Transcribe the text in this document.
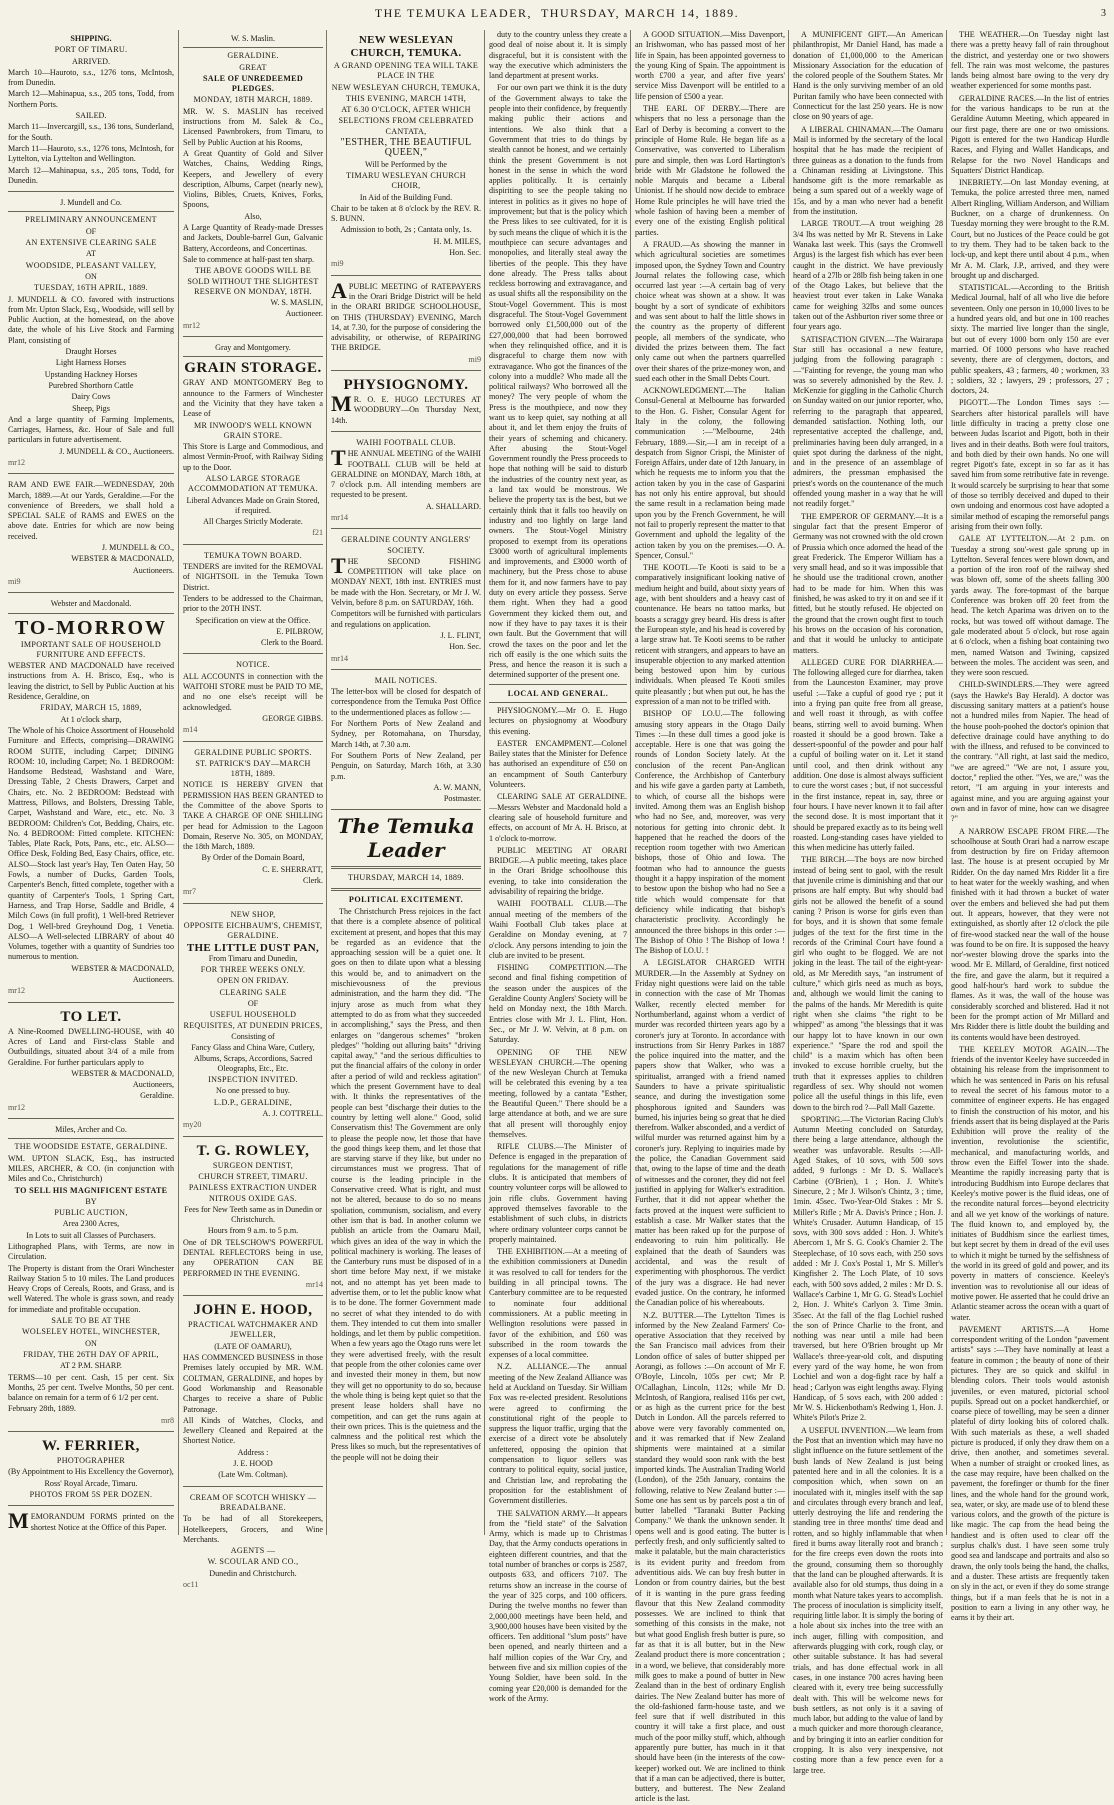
THE TEMUKA LEADER,  THURSDAY, MARCH 14, 1889.

SHIPPING.

PORT OF TIMARU.

ARRIVED.

March 10—Hauroto, s.s., 1276 tons, McIntosh, from Dunedin.

March 12—Mahinapua, s.s., 205 tons, Todd, from Northern Ports.

SAILED.

March 11—Invercargill, s.s., 136 tons, Sunderland, for the South.

March 11—Hauroto, s.s., 1276 tons, McIntosh, for Lyttelton, via Lyttelton and Wellington.

March 12—Mahinapua, s.s., 205 tons, Todd, for Dunedin.

J. Mundell and Co.

PRELIMINARY ANNOUNCEMENT

OF

AN EXTENSIVE CLEARING SALE

AT

WOODSIDE, PLEASANT VALLEY,

ON

TUESDAY, 16TH APRIL, 1889.

J. MUNDELL & CO. favored with instructions from Mr. Upton Slack, Esq., Woodside, will sell by Public Auction, at the homestead, on the above date, the whole of his Live Stock and Farming Plant, consisting of

Draught Horses

Light Harness Horses

Upstanding Hackney Horses

Purebred Shorthorn Cattle

Dairy Cows

Sheep, Pigs

And a large quantity of Farming Implements, Carriages, Harness, &c. Hour of Sale and full particulars in future advertisement.

J. MUNDELL & CO., Auctioneers.

mr12

RAM AND EWE FAIR.—WEDNESDAY, 20th March, 1889.—At our Yards, Geraldine.—For the convenience of Breeders, we shall hold a SPECIAL SALE of RAMS and EWES on the above date. Entries for which are now being received.

J. MUNDELL & CO.,

WEBSTER & MACDONALD,

Auctioneers.

mi9

Webster and Macdonald.

TO-MORROW

IMPORTANT SALE OF HOUSEHOLD FURNITURE AND EFFECTS.

WEBSTER AND MACDONALD have received instructions from A. H. Brisco, Esq., who is leaving the district, to Sell by Public Auction at his Residence, Geraldine, on

FRIDAY, MARCH 15, 1889,

At 1 o'clock sharp,

The Whole of his Choice Assortment of Household Furniture and Effects, comprising—DRAWING ROOM SUITE, including Carpet; DINING ROOM: 10, including Carpet; No. 1 BEDROOM: Handsome Bedstead, Washstand and Ware, Dressing Table, 2 Chests Drawers, Carpet and Chairs, etc. No. 2 BEDROOM: Bedstead with Mattress, Pillows, and Bolsters, Dressing Table, Carpet, Washstand and Ware, etc., etc. No. 3 BEDROOM: Children's Cot, Bedding, Chairs, etc. No. 4 BEDROOM: Fitted complete. KITCHEN: Tables, Plate Rack, Pots, Pans, etc., etc. ALSO—Office Desk, Folding Bed, Easy Chairs, office, etc. ALSO—Stock last year's Hay, Ten Oaten Hay, 50 Fowls, a number of Ducks, Garden Tools, Carpenter's Bench, fitted complete, together with a quantity of Carpenter's Tools, 1 Spring Cart, Harness, and Trap Horse, Saddle and Bridle, 4 Milch Cows (in full profit), 1 Well-bred Retriever Dog, 1 Well-bred Greyhound Dog, 1 Venetia. ALSO—A Well-selected LIBRARY of about 40 Volumes, together with a quantity of Sundries too numerous to mention.

WEBSTER & MACDONALD,

Auctioneers.

mr12

TO LET.

A Nine-Roomed DWELLING-HOUSE, with 40 Acres of Land and First-class Stable and Outbuildings, situated about 3/4 of a mile from Geraldine. For further particulars apply to

WEBSTER & MACDONALD,

Auctioneers,

Geraldine.

mr12

Miles, Archer and Co.

THE WOODSIDE ESTATE, GERALDINE.

WM. UPTON SLACK, Esq., has instructed MILES, ARCHER, & CO. (in conjunction with Miles and Co., Christchurch)

TO SELL HIS MAGNIFICENT ESTATE

BY

PUBLIC AUCTION,

Area 2300 Acres,

In Lots to suit all Classes of Purchasers.

Lithographed Plans, with Terms, are now in Circulation.

The Property is distant from the Orari Winchester Railway Station 5 to 10 miles. The Land produces Heavy Crops of Cereals, Roots, and Grass, and is well Watered. The whole is grass sown, and ready for immediate and profitable occupation.

SALE TO BE AT THE

WOLSELEY HOTEL, WINCHESTER,

ON

FRIDAY, THE 26TH DAY OF APRIL,

AT 2 P.M. SHARP.

TERMS—10 per cent. Cash, 15 per cent. Six Months, 25 per cent. Twelve Months, 50 per cent. balance on remain for a term of 6 1/2 per cent.

February 28th, 1889.

mr8

W. FERRIER,

PHOTOGRAPHER

(By Appointment to His Excellency the Governor),

Ross' Royal Arcade, Timaru.

PHOTOS FROM 5S PER DOZEN.

MEMORANDUM FORMS printed on the shortest Notice at the Office of this Paper.

W. S. Maslin.

GERALDINE.

GREAT

SALE OF UNREDEEMED PLEDGES.

MONDAY, 18TH MARCH, 1889.

MR. W. S. MASLIN has received instructions from M. Salek & Co., Licensed Pawnbrokers, from Timaru, to Sell by Public Auction at his Rooms,

A Great Quantity of Gold and Silver Watches, Chains, Wedding Rings, Keepers, and Jewellery of every description, Albums, Carpet (nearly new), Violins, Bibles, Cruets, Knives, Forks, Spoons,

Also,

A Large Quantity of Ready-made Dresses and Jackets, Double-barrel Gun, Galvanic Battery, Accordeons, and Concertinas.

Sale to commence at half-past ten sharp.

THE ABOVE GOODS WILL BE SOLD WITHOUT THE SLIGHTEST RESERVE ON MONDAY, 18TH.

W. S. MASLIN,

Auctioneer.

mr12

Gray and Montgomery.

GRAIN STORAGE.

GRAY AND MONTGOMERY Beg to announce to the Farmers of Winchester and the Vicinity that they have taken a Lease of

MR INWOOD'S WELL KNOWN GRAIN STORE.

This Store is Large and Commodious, and almost Vermin-Proof, with Railway Siding up to the Door.

ALSO LARGE STORAGE ACCOMMODATION AT TEMUKA.

Liberal Advances Made on Grain Stored, if required.

All Charges Strictly Moderate.

f21

TEMUKA TOWN BOARD.

TENDERS are invited for the REMOVAL of NIGHTSOIL in the Temuka Town District.

Tenders to be addressed to the Chairman, prior to the 20TH INST.

Specification on view at the Office.

E. PILBROW,

Clerk to the Board.

NOTICE.

ALL ACCOUNTS in connection with the WAITOHI STORE must be PAID TO ME, and no one else's receipt will be acknowledged.

GEORGE GIBBS.

m14

GERALDINE PUBLIC SPORTS.

ST. PATRICK'S DAY—MARCH 18TH, 1889.

NOTICE IS HEREBY GIVEN that PERMISSION HAS BEEN GRANTED to the Committee of the above Sports to TAKE A CHARGE OF ONE SHILLING per head for Admission to the Lagoon Domain, Reserve No. 305, on MONDAY, the 18th March, 1889.

By Order of the Domain Board,

C. E. SHERRATT,

Clerk.

mr7

NEW SHOP,

OPPOSITE EICHBAUM'S, CHEMIST, GERALDINE.

THE LITTLE DUST PAN,

From Timaru and Dunedin,

FOR THREE WEEKS ONLY.

OPEN ON FRIDAY.

CLEARING SALE

OF

USEFUL HOUSEHOLD REQUISITES, AT DUNEDIN PRICES,

Consisting of

Fancy Glass and China Ware, Cutlery, Albums, Scraps, Accordions, Sacred Oleographs, Etc., Etc.

INSPECTION INVITED.

No one pressed to buy.

L.D.P., GERALDINE,

A. J. COTTRELL.

my20

T. G. ROWLEY,

SURGEON DENTIST,

CHURCH STREET, TIMARU.

PAINLESS EXTRACTION UNDER NITROUS OXIDE GAS.

Fees for New Teeth same as in Dunedin or Christchurch.

Hours from 9 a.m. to 5 p.m.

One of DR TELSCHOW'S POWERFUL DENTAL REFLECTORS being in use, any OPERATION CAN BE PERFORMED IN THE EVENING.

mr14

JOHN E. HOOD,

PRACTICAL WATCHMAKER AND JEWELLER,

(LATE OF OAMARU),

HAS COMMENCED BUSINESS in those Premises lately occupied by MR. W.M. COLTMAN, GERALDINE, and hopes by Good Workmanship and Reasonable Charges to receive a share of Public Patronage.

All Kinds of Watches, Clocks, and Jewellery Cleaned and Repaired at the Shortest Notice.

Address :

J. E. HOOD

(Late Wm. Coltman).

CREAM OF SCOTCH WHISKY — BREADALBANE.

To be had of all Storekeepers, Hotelkeepers, Grocers, and Wine Merchants.

AGENTS —

W. SCOULAR AND CO.,

Dunedin and Christchurch.

oc11

NEW WESLEYAN CHURCH, TEMUKA.

A GRAND OPENING TEA WILL TAKE PLACE IN THE

NEW WESLEYAN CHURCH, TEMUKA,

THIS EVENING, MARCH 14TH,

AT 6.30 O'CLOCK, AFTER WHICH

SELECTIONS FROM CELEBRATED CANTATA,

"ESTHER, THE BEAUTIFUL QUEEN,"

Will be Performed by the

TIMARU WESLEYAN CHURCH CHOIR,

In Aid of the Building Fund.

Chair to be taken at 8 o'clock by the REV. R. S. BUNN.

Admission to both, 2s ; Cantata only, 1s.

H. M. MILES,

Hon. Sec.

mi9

APUBLIC MEETING of RATEPAYERS in the Orari Bridge District will be held in the ORARI BRIDGE SCHOOLHOUSE, on THIS (THURSDAY) EVENING, March 14, at 7.30, for the purpose of considering the advisability, or otherwise, of REPAIRING THE BRIDGE.

mi9

PHYSIOGNOMY.

MR. O. E. HUGO LECTURES AT WOODBURY—On Thursday Next, 14th.

WAIHI FOOTBALL CLUB.

THE ANNUAL MEETING of the WAIHI FOOTBALL CLUB will be held at GERALDINE on MONDAY, March 18th, at 7 o'clock p.m. All intending members are requested to be present.

A. SHALLARD.

mr14

GERALDINE COUNTY ANGLERS' SOCIETY.

THE SECOND FISHING COMPETITION will take place on MONDAY NEXT, 18th inst. ENTRIES must be made with the Hon. Secretary, or Mr J. W. Velvin, before 8 p.m. on SATURDAY, 16th.

Competitors will be furnished with particulars and regulations on application.

J. L. FLINT,

Hon. Sec.

mr14

MAIL NOTICES.

The letter-box will be closed for despatch of correspondence from the Temuka Post Office to the undermentioned places as follow :—

For Northern Ports of New Zealand and Sydney, per Rotomahana, on Thursday, March 14th, at 7.30 a.m.

For Southern Ports of New Zealand, per Penguin, on Saturday, March 16th, at 3.30 p.m.

A. W. MANN,

Postmaster.

The Temuka Leader

THURSDAY, MARCH 14, 1889.

POLITICAL EXCITEMENT.

The Christchurch Press rejoices in the fact that there is a complete absence of political excitement at present, and hopes that this may be regarded as an evidence that the approaching session will be a quiet one. It goes on then to dilate upon what a blessing this would be, and to animadvert on the mischievousness of the previous administration, and the harm they did. "The injury arose as much from what they attempted to do as from what they succeeded in accomplishing," says the Press, and then enlarges on "dangerous schemes" "broken pledges" "holding out alluring baits" "driving capital away," "and the serious difficulties to put the financial affairs of the colony in order after a period of wild and reckless agitation" which the present Government have to deal with. It thinks the representatives of the people can best "discharge their duties to the country by letting well alone." Good, solid Conservatism this! The Government are only to please the people now, let those that have the good things keep them, and let those that are starving starve if they like, but under no circumstances must we progress. That of course is the leading principle in the Conservative creed. What is right, and must not be altered, because to do so no means spoliation, communism, socialism, and every other ism that is bad. In another column we publish an article from the Oamaru Mail, which gives an idea of the way in which the political machinery is working. The leases of the Canterbury runs must be disposed of in a short time before May next, if we mistake not, and no attempt has yet been made to advertise them, or to let the public know what is to be done. The former Government made no secret of what they intended to do with them. They intended to cut them into smaller holdings, and let them by public competition. When a few years ago the Otago runs were let they were advertised freely, with the result that people from the other colonies came over and invested their money in them, but now they will get no opportunity to do so, because the whole thing is being kept quiet so that the present lease holders shall have no competition, and can get the runs again at their own prices. This is the quietness and the calmness and the political rest which the Press likes so much, but the representatives of the people will not be doing their

duty to the country unless they create a good deal of noise about it. It is simply disgraceful, but it is consistent with the way the executive which administers the land department at present works.

For our own part we think it is the duty of the Government always to take the people into their confidence, by frequently making public their actions and intentions. We also think that a Government that tries to do things by stealth cannot be honest, and we certainly think the present Government is not honest in the sense in which the word applies politically. It is certainly dispiriting to see the people taking no interest in politics as it gives no hope of improvement; but that is the policy which the Press likes to see cultivated, for it is by such means the clique of which it is the mouthpiece can secure advantages and monopolies, and literally steal away the liberties of the people. This they have done already. The Press talks about reckless borrowing and extravagance, and as usual shifts all the responsibility on the Stout-Vogel Government. This is most disgraceful. The Stout-Vogel Government borrowed only £1,500,000 out of the £27,000,000 that had been borrowed when they relinquished office, and it is disgraceful to charge them now with extravagance. Who got the finances of the colony into a muddle? Who made all the political railways? Who borrowed all the money? The very people of whom the Press is the mouthpiece, and now they want us to keep quiet, say nothing at all about it, and let them enjoy the fruits of their years of scheming and chicanery. After abusing the Stout-Vogel Government roundly the Press proceeds to hope that nothing will be said to disturb the industries of the country next year, as a land tax would be monstrous. We believe the property tax is the best, but we certainly think that it falls too heavily on industry and too lightly on large land owners. The Stout-Vogel Ministry proposed to exempt from its operations £3000 worth of agricultural implements and improvements, and £3000 worth of machinery, but the Press chose to abuse them for it, and now farmers have to pay duty on every article they possess. Serve them right. When they had a good Government they kicked them out, and now if they have to pay taxes it is their own fault. But the Government that will crowd the taxes on the poor and let the rich off easily is the one which suits the Press, and hence the reason it is such a determined supporter of the present one.

LOCAL AND GENERAL.

PHYSIOGNOMY.—Mr O. E. Hugo lectures on physiognomy at Woodbury this evening.

EASTER ENCAMPMENT.—Colonel Bailey states that the Minister for Defence has authorised an expenditure of £50 on an encampment of South Canterbury Volunteers.

CLEARING SALE AT GERALDINE.—Messrs Webster and Macdonald hold a clearing sale of household furniture and effects, on account of Mr A. H. Brisco, at 1 o'clock to-morrow.

PUBLIC MEETING AT ORARI BRIDGE.—A public meeting, takes place in the Orari Bridge schoolhouse this evening, to take into consideration the advisability of repairing the bridge.

WAIHI FOOTBALL CLUB.—The annual meeting of the members of the Waihi Football Club takes place at Geraldine on Monday evening, at 7 o'clock. Any persons intending to join the club are invited to be present.

FISHING COMPETITION.—The second and final fishing competition of the season under the auspices of the Geraldine County Anglers' Society will be held on Monday next, the 18th March. Entries close with Mr J. L. Flint, Hon. Sec., or Mr J. W. Velvin, at 8 p.m. on Saturday.

OPENING OF THE NEW WESLEYAN CHURCH.—The opening of the new Wesleyan Church at Temuka will be celebrated this evening by a tea meeting, followed by a cantata "Esther, the Beautiful Queen." There should be a large attendance at both, and we are sure that all present will thoroughly enjoy themselves.

RIFLE CLUBS.—The Minister of Defence is engaged in the preparation of regulations for the management of rifle clubs. It is anticipated that members of country volunteer corps will be allowed to join rifle clubs. Government having approved themselves favorable to the establishment of such clubs, in districts where ordinary volunteer corps cannot be properly maintained.

THE EXHIBITION.—At a meeting of the exhibition commissioners at Dunedin it was resolved to call for tenders for the building in all principal towns. The Canterbury committee are to be requested to nominate four additional commissioners. At a public meeting in Wellington resolutions were passed in favor of the exhibition, and £60 was subscribed in the room towards the expenses of a local committee.

N.Z. ALLIANCE.—The annual meeting of the New Zealand Alliance was held at Auckland on Tuesday. Sir William Fox was re-elected president. Resolutions were agreed to confirming the constitutional right of the people to suppress the liquor traffic, urging that the exercise of a direct vote be absolutely unfettered, opposing the opinion that compensation to liquor sellers was contrary to political equity, social justice, and Christian law, and reprobating the proposition for the establishment of Government distilleries.

THE SALVATION ARMY.—It appears from the "field state" of the Salvation Army, which is made up to Christmas Day, that the Army conducts operations in eighteen different countries, and that the total number of branches or corps is 2587, outposts 633, and officers 7107. The returns show an increase in the course of the year of 325 corps, and 100 officers. During the twelve months no fewer than 2,000,000 meetings have been held, and 3,900,000 houses have been visited by the officers. Ten additional "slum posts" have been opened, and nearly thirteen and a half million copies of the War Cry, and between five and six million copies of the Young Soldier, have been sold. In the coming year £20,000 is demanded for the work of the Army.

A GOOD SITUATION.—Miss Davenport, an Irishwoman, who has passed most of her life in Spain, has been appointed governess to the young King of Spain. The appointment is worth £700 a year, and after five years' service Miss Davenport will be entitled to a life pension of £500 a year.

THE EARL OF DERBY.—There are whispers that no less a personage than the Earl of Derby is becoming a convert to the principle of Home Rule. He began life as a Conservative, was converted to Liberalism pure and simple, then was Lord Hartington's bride with Mr Gladstone he followed the noble Marquis and became a Liberal Unionist. If he should now decide to embrace Home Rule principles he will have tried the whole fashion of having been a member of every one of the existing English political parties.

A FRAUD.—As showing the manner in which agricultural societies are sometimes imposed upon, the Sydney Town and Country Journal relates the following case, which occurred last year :—A certain bag of very choice wheat was shown at a show. It was bought by a sort of syndicate of exhibitors and was sent about to half the little shows in the country as the property of different people, all members of the syndicate, who divided the prizes between them. The fact only came out when the partners quarrelled over their shares of the prize-money won, and sued each other in the Small Debts Court.

ACKNOWLEDGMENT.—The Italian Consul-General at Melbourne has forwarded to the Hon. G. Fisher, Consular Agent for Italy in the colony, the following communication :—"Melbourne, 24th February, 1889.—Sir,—I am in receipt of a despatch from Signor Crispi, the Minister of Foreign Affairs, under date of 12th January, in which he requests me to inform you that the action taken by you in the case of Gasparini has not only his entire approval, but should the same result in a reclamation being made upon you by the French Government, he will not fail to properly represent the matter to that Government and uphold the legality of the action taken by you on the premises.—O. A. Spencer, Consul."

THE KOOTI.—Te Kooti is said to be a comparatively insignificant looking native of medium height and build, about sixty years of age, with bent shoulders and a heavy cast of countenance. He bears no tattoo marks, but boasts a scraggy grey beard. His dress is after the European style, and his head is covered by a large straw hat. Te Kooti seems to be rather reticent with strangers, and appears to have an insuperable objection to any marked attention being bestowed upon him by curious individuals. When pleased Te Kooti smiles quite pleasantly ; but when put out, he has the expression of a man not to be trifled with.

BISHOP OF I.O.U.—The following amusing story appears in the Otago Daily Times :—In these dull times a good joke is acceptable. Here is one that was going the rounds of London Society lately. At the conclusion of the recent Pan-Anglican Conference, the Archbishop of Canterbury and his wife gave a garden party at Lambeth, to which, of course all the bishops were invited. Among them was an English bishop who had no See, and, moreover, was very notorious for getting into chronic debt. It happened that he reached the doors of the reception room together with two American bishops, those of Ohio and Iowa. The footman who had to announce the guests thought it a happy inspiration of the moment to bestow upon the bishop who had no See a title which would compensate for that deficiency while indicating that bishop's characteristic proclivity. Accordingly he announced the three bishops in this order :—The Bishop of Ohio ! The Bishop of Iowa ! The Bishop of I.O.U. !

A LEGISLATOR CHARGED WITH MURDER.—In the Assembly at Sydney on Friday night questions were laid on the table in connection with the case of Mr Thomas Walker, recently elected member for Northumberland, against whom a verdict of murder was recorded thirteen years ago by a coroner's jury at Toronto. In accordance with instructions from Sir Henry Parkes in 1887 the police inquired into the matter, and the papers show that Walker, who was a spiritualist, arranged with a friend named Saunders to have a private spiritualistic seance, and during the investigation some phosphorous ignited and Saunders was burned, his injuries being so great that he died therefrom. Walker absconded, and a verdict of wilful murder was returned against him by a coroner's jury. Replying to inquiries made by the police, the Canadian Government said that, owing to the lapse of time and the death of witnesses and the coroner, they did not feel justified in applying for Walker's extradition. Further, that it did not appear whether the facts proved at the inquest were sufficient to establish a case. Mr Walker states that the matter has been raked up for the purpose of endeavoring to ruin him politically. He explained that the death of Saunders was accidental, and was the result of experimenting with phosphorous. The verdict of the jury was a disgrace. He had never evaded justice. On the contrary, he informed the Canadian police of his whereabouts.

N.Z. BUTTER.—The Lyttelton Times is informed by the New Zealand Farmers' Co-operative Association that they received by the San Francisco mail advices from their London office of sales of butter shipped per Aorangi, as follows :—On account of Mr F. O'Boyle, Lincoln, 105s per cwt; Mr P. O'Callaghan, Lincoln, 112s; while Mr D. McIntosh, of Rangiora, realised 116s per cwt, or as high as the current price for the best Dutch in London. All the parcels referred to above were very favorably commented on, and it was remarked that if New Zealand shipments were maintained at a similar standard they would soon rank with the best imported kinds. The Australian Trading World (London), of the 25th January, contains the following, relative to New Zealand butter :—Some one has sent us by parcels post a tin of butter labelled "Taranaki Butter Packing Company." We thank the unknown sender. It opens well and is good eating. The butter is perfectly fresh, and only sufficiently salted to make it palatable, but the main characteristics is its evident purity and freedom from adventitious aids. We can buy fresh butter in London or from country dairies, but the best of it is wanting in the pure grass feeding flavour that this New Zealand commodity possesses. We are inclined to think that something of this consists in the make, not but what good English fresh butter is pure, so far as that it is all butter, but in the New Zealand product there is more concentration ; in a word, we believe, that considerably more milk goes to make a pound of butter in New Zealand than in the best of ordinary English dairies. The New Zealand butter has more of the old-fashioned farm-house taste, and we feel sure that if well distributed in this country it will take a first place, and oust much of the poor milky stuff, which, although apparently pure butter, has much in it that should have been (in the interests of the cow-keeper) worked out. We are inclined to think that if a man can be adjectived, there is butter, buttery, and butterest. The New Zealand article is the last.

A MUNIFICENT GIFT.—An American philanthropist, Mr Daniel Hand, has made a donation of £1,000,000 to the American Missionary Association for the education of the colored people of the Southern States. Mr Hand is the only surviving member of an old Puritan family who have been connected with Connecticut for the last 250 years. He is now close on 90 years of age.

A LIBERAL CHINAMAN.—The Oamaru Mail is informed by the secretary of the local hospital that he has made the recipient of three guineas as a donation to the funds from a Chinaman residing at Livingstone. This handsome gift is the more remarkable as being a sum spared out of a weekly wage of 15s, and by a man who never had a benefit from the institution.

LARGE TROUT.—A trout weighing 28 3/4 lbs was netted by Mr R. Stevens in Lake Wanaka last week. This (says the Cromwell Argus) is the largest fish which has ever been caught in the district. We have previously heard of a 27lb or 28lb fish being taken in one of the Otago Lakes, but believe that the heaviest trout ever taken in Lake Wanaka came for weighing 32lbs and some ounces taken out of the Ashburton river some three or four years ago.

SATISFACTION GIVEN.—The Wairarapa Star still has occasional a new feature, judging from the following paragraph :—"Fainting for revenge, the young man who was so severely admonished by the Rev. J. McKenzie for giggling in the Catholic Church on Sunday waited on our junior reporter, who, referring to the paragraph that appeared, demanded satisfaction. Nothing loth, our representative accepted the challenge, and, preliminaries having been duly arranged, in a quiet spot during the darkness of the night, and in the presence of an assemblage of admirers, the pressman emphasised the priest's words on the countenance of the much offended young masher in a way that he will not readily forget."

THE EMPEROR OF GERMANY.—It is a singular fact that the present Emperor of Germany was not crowned with the old crown of Prussia which once adorned the head of the great Frederick. The Emperor William has a very small head, and so it was impossible that he should use the traditional crown, another had to be made for him. When this was finished, he was asked to try it on and see if it fitted, but he stoutly refused. He objected on the ground that the crown ought first to touch his brows on the occasion of his coronation, and that it would be unlucky to anticipate matters.

ALLEGED CURE FOR DIARRHEA.—The following alleged cure for diarrhea, taken from the Launceston Examiner, may prove useful :—Take a cupful of good rye ; put it into a frying pan quite free from all grease, and well roast it through, as with coffee beans, stirring well to avoid burning. When roasted it should be a good brown. Take a dessert-spoonful of the powder and pour half a cupful of boiling water on it. Let it stand until cool, and then drink without any addition. One dose is almost always sufficient to cure the worst cases ; but, if not successful in the first instance, repeat in, say, three or four hours. I have never known it to fail after the second dose. It is most important that it should be prepared exactly as to its being well roasted. Long-standing cases have yielded to this when medicine has utterly failed.

THE BIRCH.—The boys are now birched instead of being sent to gaol, with the result that juvenile crime is diminishing and that our prisons are half empty. But why should bad girls not be allowed the benefit of a sound caning ? Prison is worse for girls even than for boys, and it is shown that some female judges of the text for the first time in the records of the Criminal Court have found a girl who ought to be flogged. We are not joking in the least. The tail of the eight-year-old, as Mr Meredith says, "an instrument of culture," which girls need as much as boys, and, although we would limit the caning to the palms of the hands. Mr Meredith is quite right when she claims "the right to be whipped" as among "the blessings that it was our happy lot to have known in our own experience." "Spare the rod and spoil the child" is a maxim which has often been invoked to excuse horrible cruelty, but the truth that it expresses applies to children regardless of sex. Why should not women police all the useful things in this life, even down to the birch rod ?—Pall Mall Gazette.

SPORTING.—The Victorian Racing Club's Autumn Meeting concluded on Saturday, there being a large attendance, although the weather was unfavorable. Results :—All-Aged Stakes, of 10 sovs, with 500 sovs added, 9 furlongs : Mr D. S. Wallace's Carbine (O'Brien), 1 ; Hon. J. White's Sinecure, 2 ; Mr J. Wilson's Chintz, 3 ; time, 1min. 45sec. Two-Year-Old Stakes : Mr S. Miller's Rifle ; Mr A. Davis's Prince ; Hon. J. White's Crusader. Autumn Handicap, of 15 sovs, with 300 sovs added : Hon. J. White's Abercorn 1, Mr S. G. Cook's Chamier 2. The Steeplechase, of 10 sovs each, with 250 sovs added : Mr J. Cox's Postal 1, Mr S. Miller's Kingfisher 2. The Loch Plate, of 10 sovs each, with 500 sovs added, 2 miles : Mr D. S. Wallace's Carbine 1, Mr G. G. Stead's Lochiel 2, Hon. J. White's Carlyon 3. Time 3min. 35sec. At the fall of the flag Lochiel rushed the son of Prince Charlie to the front, and nothing was near until a mile had been traversed, but here O'Brien brought up Mr Wallace's three-year-old colt, and disputing every yard of the way home, he won from Lochiel and won a dog-fight race by half a head ; Carlyon was eight lengths away. Flying Handicap, of 5 sovs each, with 200 added : Mr W. S. Hickenbotham's Redwing 1, Hon. J. White's Pilot's Prize 2.

A USEFUL INVENTION.—We learn from the Post that an invention which may have no slight influence on the future settlement of the bush lands of New Zealand is just being patented here and in all the colonies. It is a composition which, when sown on an inoculated with it, mingles itself with the sap and circulates through every branch and leaf, utterly destroying the life and rendering the standing tree in three months' time dead and rotten, and so highly inflammable that when fired it burns away literally root and branch ; for the fire creeps even down the roots into the ground, consuming them so thoroughly that the land can be ploughed afterwards. It is available also for old stumps, thus doing in a month what Nature takes years to accomplish. The process of inoculation is simplicity itself, requiring little labor. It is simply the boring of a hole about six inches into the tree with an inch auger, filling with composition, and afterwards plugging with cork, rough clay, or other suitable substance. It has had several trials, and has done effectual work in all cases, in one instance 700 acres having been cleared with it, every tree being successfully dealt with. This will be welcome news for bush settlers, as not only is it a saving of much labor, but adding to the value of land by a much quicker and more thorough clearance, and by bringing it into an earlier condition for cropping. It is also very inexpensive, not costing more than a few pence even for a large tree.

THE WEATHER.—On Tuesday night last there was a pretty heavy fall of rain throughout the district, and yesterday one or two showers fell. The rain was most welcome, the pastures lands being almost bare owing to the very dry weather experienced for some months past.

GERALDINE RACES.—In the list of entries for the various handicaps to be run at the Geraldine Autumn Meeting, which appeared in our first page, there are one or two omissions. Pigott is entered for the two Handicap Hurdle Races, and Flying and Wallet Handicaps, and Relapse for the two Novel Handicaps and Squatters' District Handicap.

INEBRIETY.—On last Monday evening, at Temuka, the police arrested three men, named Albert Ringling, William Anderson, and William Buckner, on a charge of drunkenness. On Tuesday morning they were brought to the R.M. Court, but no Justices of the Peace could be got to try them. They had to be taken back to the lock-up, and kept there until about 4 p.m., when Mr A. M. Clark, J.P., arrived, and they were brought up and discharged.

STATISTICAL.—According to the British Medical Journal, half of all who live die before seventeen. Only one person in 10,000 lives to be a hundred years old, and but one in 100 reaches sixty. The married live longer than the single, but out of every 1000 born only 150 are ever married. Of 1000 persons who have reached seventy, there are of clergymen, doctors, and public speakers, 43 ; farmers, 40 ; workmen, 33 ; soldiers, 32 ; lawyers, 29 ; professors, 27 ; doctors, 24.

PIGOTT.—The London Times says :—Searchers after historical parallels will have little difficulty in tracing a pretty close one between Judas Iscariot and Pigott, both in their lives and in their deaths. Both were foul traitors, and both died by their own hands. No one will regret Pigott's fate, except in so far as it has saved him from some retributive fate in revenge. It would scarcely be surprising to hear that some of those so terribly deceived and duped to their own undoing and enormous cost have adopted a similar method of escaping the remorseful pangs arising from their own folly.

GALE AT LYTTELTON.—At 2 p.m. on Tuesday a strong sou'-west gale sprung up in Lyttelton. Several fences were blown down, and a portion of the iron roof of the railway shed was blown off, some of the sheets falling 300 yards away. The fore-topmast of the barque Conference was broken off 20 feet from the head. The ketch Aparima was driven on to the rocks, but was towed off without damage. The gale moderated about 5 o'clock, but rose again at 6 o'clock, when a fishing boat containing two men, named Watson and Twining, capsized between the moles. The accident was seen, and they were soon rescued.

CHILD-SWINDLERS.—They were agreed (says the Hawke's Bay Herald). A doctor was discussing sanitary matters at a patient's house not a hundred miles from Napier. The head of the house pooh-poohed the doctor's opinion that defective drainage could have anything to do with the illness, and refused to be convinced to the contrary. "All right, at last said the medico, "we are agreed." "We are not, I assure you, doctor," replied the other. "Yes, we are," was the retort, "I am arguing in your interests and against mine, and you are arguing against your own and in favor of mine, how can we disagree ?"

A NARROW ESCAPE FROM FIRE.—The schoolhouse at South Orari had a narrow escape from destruction by fire on Friday afternoon last. The house is at present occupied by Mr Ridder. On the day named Mrs Ridder lit a fire to heat water for the weekly washing, and when finished with it had thrown a bucket of water over the embers and believed she had put them out. It appears, however, that they were not extinguished, as shortly after 12 o'clock the pile of fire-wood stacked near the wall of the house was found to be on fire. It is supposed the heavy nor'-wester blowing drove the sparks into the wood. Mr E. Millard, of Geraldine, first noticed the fire, and gave the alarm, but it required a good half-hour's hard work to subdue the flames. As it was, the wall of the house was considerably scorched and blistered. Had it not been for the prompt action of Mr Millard and Mrs Ridder there is little doubt the building and its contents would have been destroyed.

THE KEELEY MOTOR AGAIN.—The friends of the inventor Keeley have succeeded in obtaining his release from the imprisonment to which he was sentenced in Paris on his refusal to reveal the secret of his famous motor to a committee of engineer experts. He has engaged to finish the construction of his motor, and his friends assert that its being displayed at the Paris Exhibition will prove the reality of the invention, revolutionise the scientific, mechanical, and manufacturing worlds, and throw even the Eiffel Tower into the shade. Meantime the rapidly increasing party that is introducing Buddhism into Europe declares that Keeley's motive power is the fluid ideas, one of the recondite natural forces—beyond electricity and all we yet know of the workings of nature. The fluid known to, and employed by, the initiates of Buddhism since the earliest times, but kept secret by them in dread of the evil uses to which it might be turned by the selfishness of the world in its greed of gold and power, and its poverty in matters of conscience. Keeley's invention was to revolutionise all our ideas of motive power. He asserted that he could drive an Atlantic steamer across the ocean with a quart of water.

PAVEMENT ARTISTS.—A Home correspondent writing of the London "pavement artists" says :—They have nominally at least a feature in common ; the beauty of none of their pictures. They are so quick and skilful in blending colors. Their tools would astonish juveniles, or even matured, pictorial school pupils. Spread out on a pocket handkerchief, or coarse piece of towelling, may be seen a dinner plateful of dirty looking bits of colored chalk. With such materials as these, a well shaded picture is produced, if only they draw them on a drive, then another, and sometimes several. When a number of straight or crooked lines, as the case may require, have been chalked on the pavement, the forefinger or thumb for the finer lines, and the whole hand for the ground work, sea, water, or sky, are made use of to blend these various colors, and the growth of the picture is like magic. The cap from the head being the handiest and is often used to clear off the surplus chalk's dust. I have seen some truly good sea and landscape and portraits and also so drawn, the only tools being the hand, the chalks, and a duster. These artists are frequently taken on sly in the act, or even if they do some strange things, but if a man feels that he is not in a position to earn a living in any other way, he earns it by their art.

3
